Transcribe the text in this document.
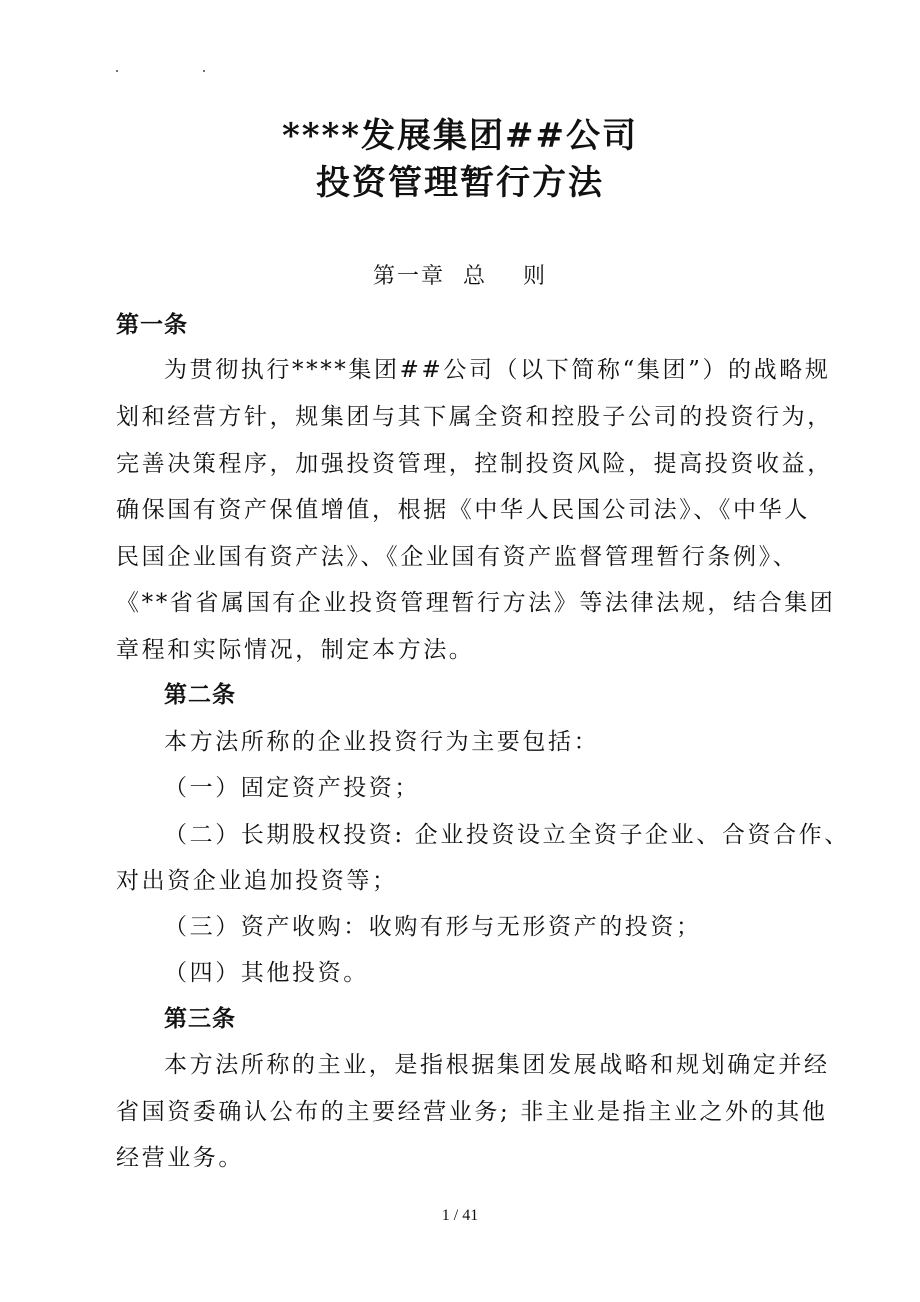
****发展集团##公司
投资管理暂行方法
第一章 总 则
第一条
为贯彻执行****集团##公司（以下简称“集团”）的战略规
划和经营方针，规集团与其下属全资和控股子公司的投资行为，
完善决策程序，加强投资管理，控制投资风险，提高投资收益，
确保国有资产保值增值，根据《中华人民国公司法》、《中华人
民国企业国有资产法》、《企业国有资产监督管理暂行条例》、
《**省省属国有企业投资管理暂行方法》等法律法规，结合集团
章程和实际情况，制定本方法。
第二条
本方法所称的企业投资行为主要包括：
（一）固定资产投资；
（二）长期股权投资: 企业投资设立全资子企业、合资合作、
对出资企业追加投资等；
（三）资产收购：收购有形与无形资产的投资；
（四）其他投资。
第三条
本方法所称的主业，是指根据集团发展战略和规划确定并经
省国资委确认公布的主要经营业务; 非主业是指主业之外的其他
经营业务。
1 / 41
